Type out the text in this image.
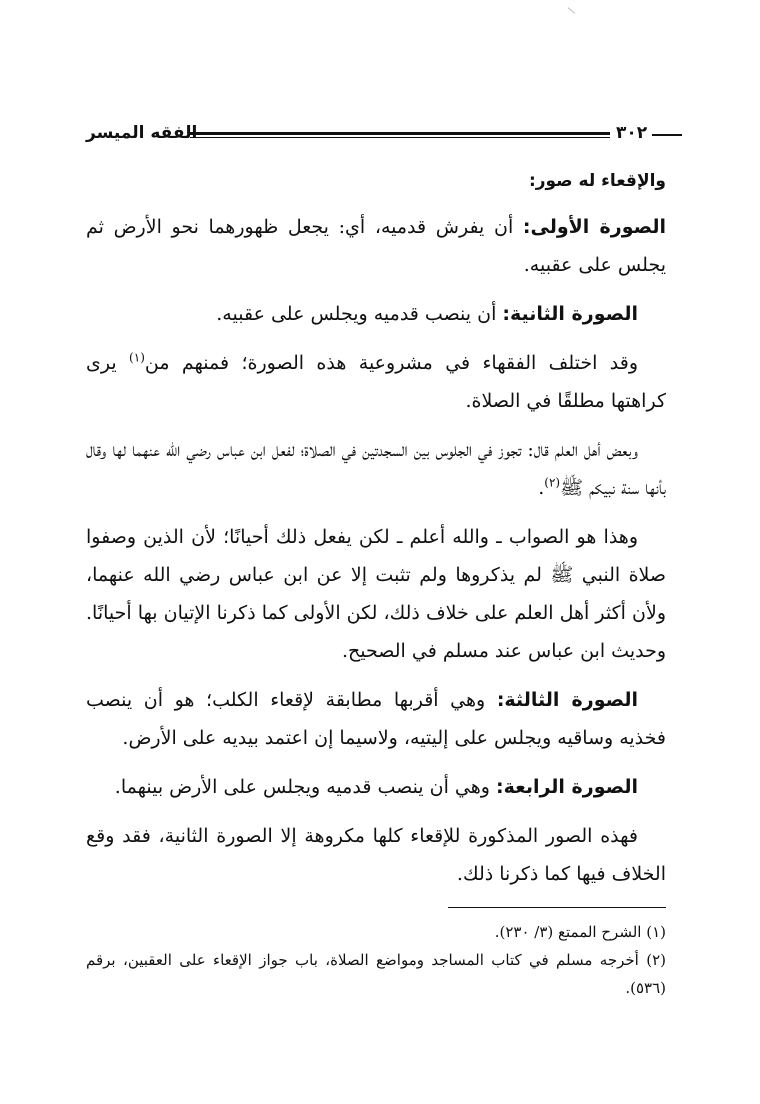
الفقه الميسر	٣٠٢

والإقعاء له صور:

الصورة الأولى: أن يفرش قدميه، أي: يجعل ظهورهما نحو الأرض ثم يجلس على عقبيه.

الصورة الثانية: أن ينصب قدميه ويجلس على عقبيه.

وقد اختلف الفقهاء في مشروعية هذه الصورة؛ فمنهم من$^{(١)}$ يرى كراهتها مطلقًا في الصلاة.

وبعض أهل العلم قال: تجوز في الجلوس بين السجدتين في الصلاة؛ لفعل ابن عباس رضي الله عنهما لها وقال بأنها سنة نبيكم ﷺ$^{(٢)}$.

وهذا هو الصواب ـ والله أعلم ـ لكن يفعل ذلك أحيانًا؛ لأن الذين وصفوا صلاة النبي ﷺ لم يذكروها ولم تثبت إلا عن ابن عباس رضي الله عنهما، ولأن أكثر أهل العلم على خلاف ذلك، لكن الأولى كما ذكرنا الإتيان بها أحيانًا. وحديث ابن عباس عند مسلم في الصحيح.

الصورة الثالثة: وهي أقربها مطابقة لإقعاء الكلب؛ هو أن ينصب فخذيه وساقيه ويجلس على إليتيه، ولاسيما إن اعتمد بيديه على الأرض.

الصورة الرابعة: وهي أن ينصب قدميه ويجلس على الأرض بينهما.

فهذه الصور المذكورة للإقعاء كلها مكروهة إلا الصورة الثانية، فقد وقع الخلاف فيها كما ذكرنا ذلك.

(١) الشرح الممتع (٣/ ٢٣٠).

(٢) أخرجه مسلم في كتاب المساجد ومواضع الصلاة، باب جواز الإقعاء على العقبين، برقم (٥٣٦).
